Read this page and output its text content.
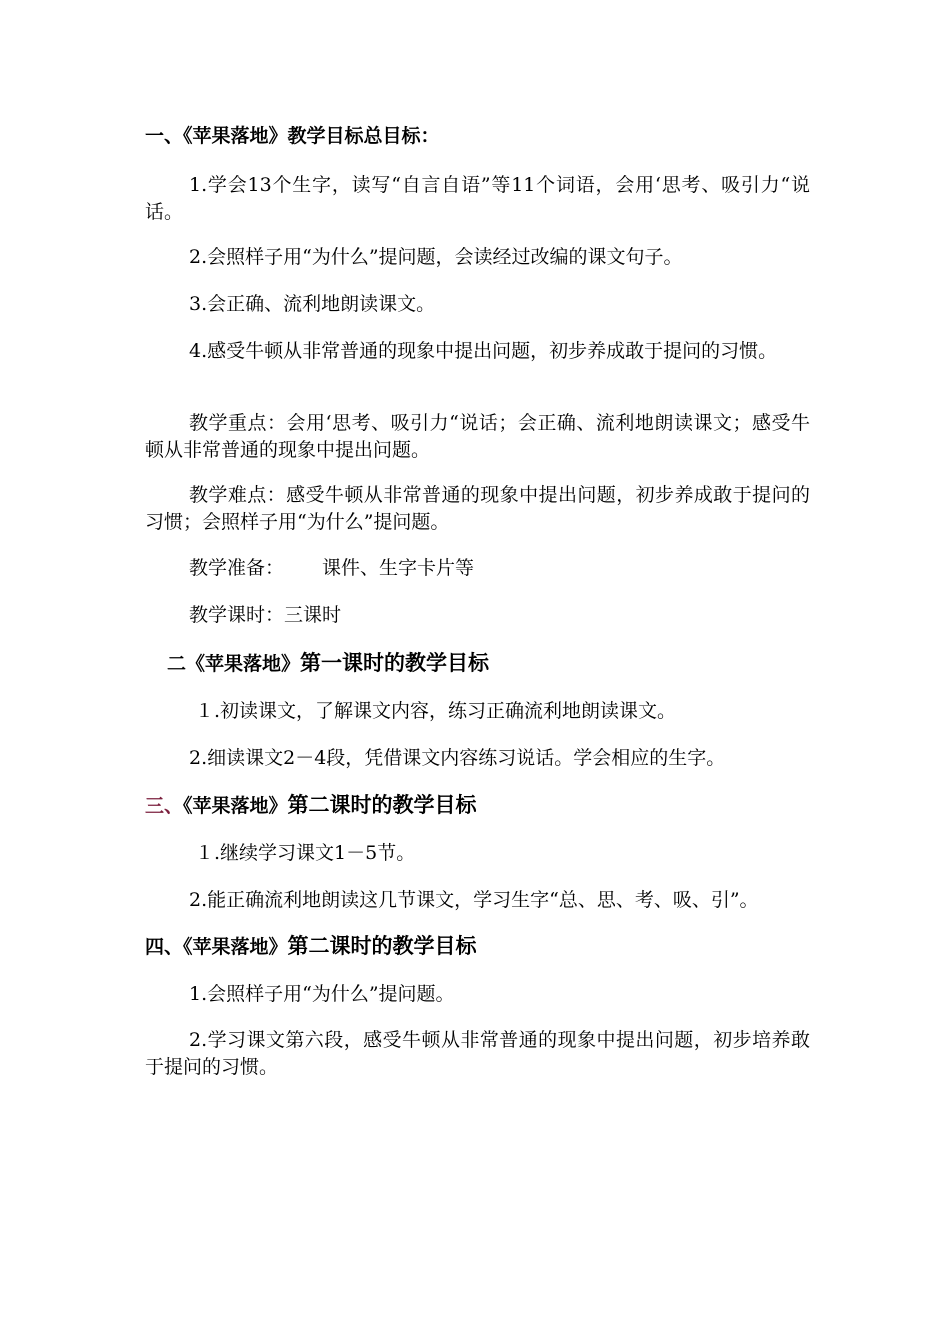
一、《苹果落地》教学目标总目标：
1.学会13个生字，读写“自言自语”等11个词语，会用‘思考、吸引力“说话。
2.会照样子用“为什么”提问题，会读经过改编的课文句子。
3.会正确、流利地朗读课文。
4.感受牛顿从非常普通的现象中提出问题，初步养成敢于提问的习惯。
教学重点：会用‘思考、吸引力“说话；会正确、流利地朗读课文；感受牛顿从非常普通的现象中提出问题。
教学难点：感受牛顿从非常普通的现象中提出问题，初步养成敢于提问的习惯；会照样子用“为什么”提问题。
教学准备： 课件、生字卡片等
教学课时：三课时
二《苹果落地》第一课时的教学目标
１.初读课文，了解课文内容，练习正确流利地朗读课文。
2.细读课文2－4段，凭借课文内容练习说话。学会相应的生字。
三、《苹果落地》第二课时的教学目标
１.继续学习课文1－5节。
2.能正确流利地朗读这几节课文，学习生字“总、思、考、吸、引”。
四、《苹果落地》第二课时的教学目标
1.会照样子用“为什么”提问题。
2.学习课文第六段，感受牛顿从非常普通的现象中提出问题，初步培养敢于提问的习惯。
